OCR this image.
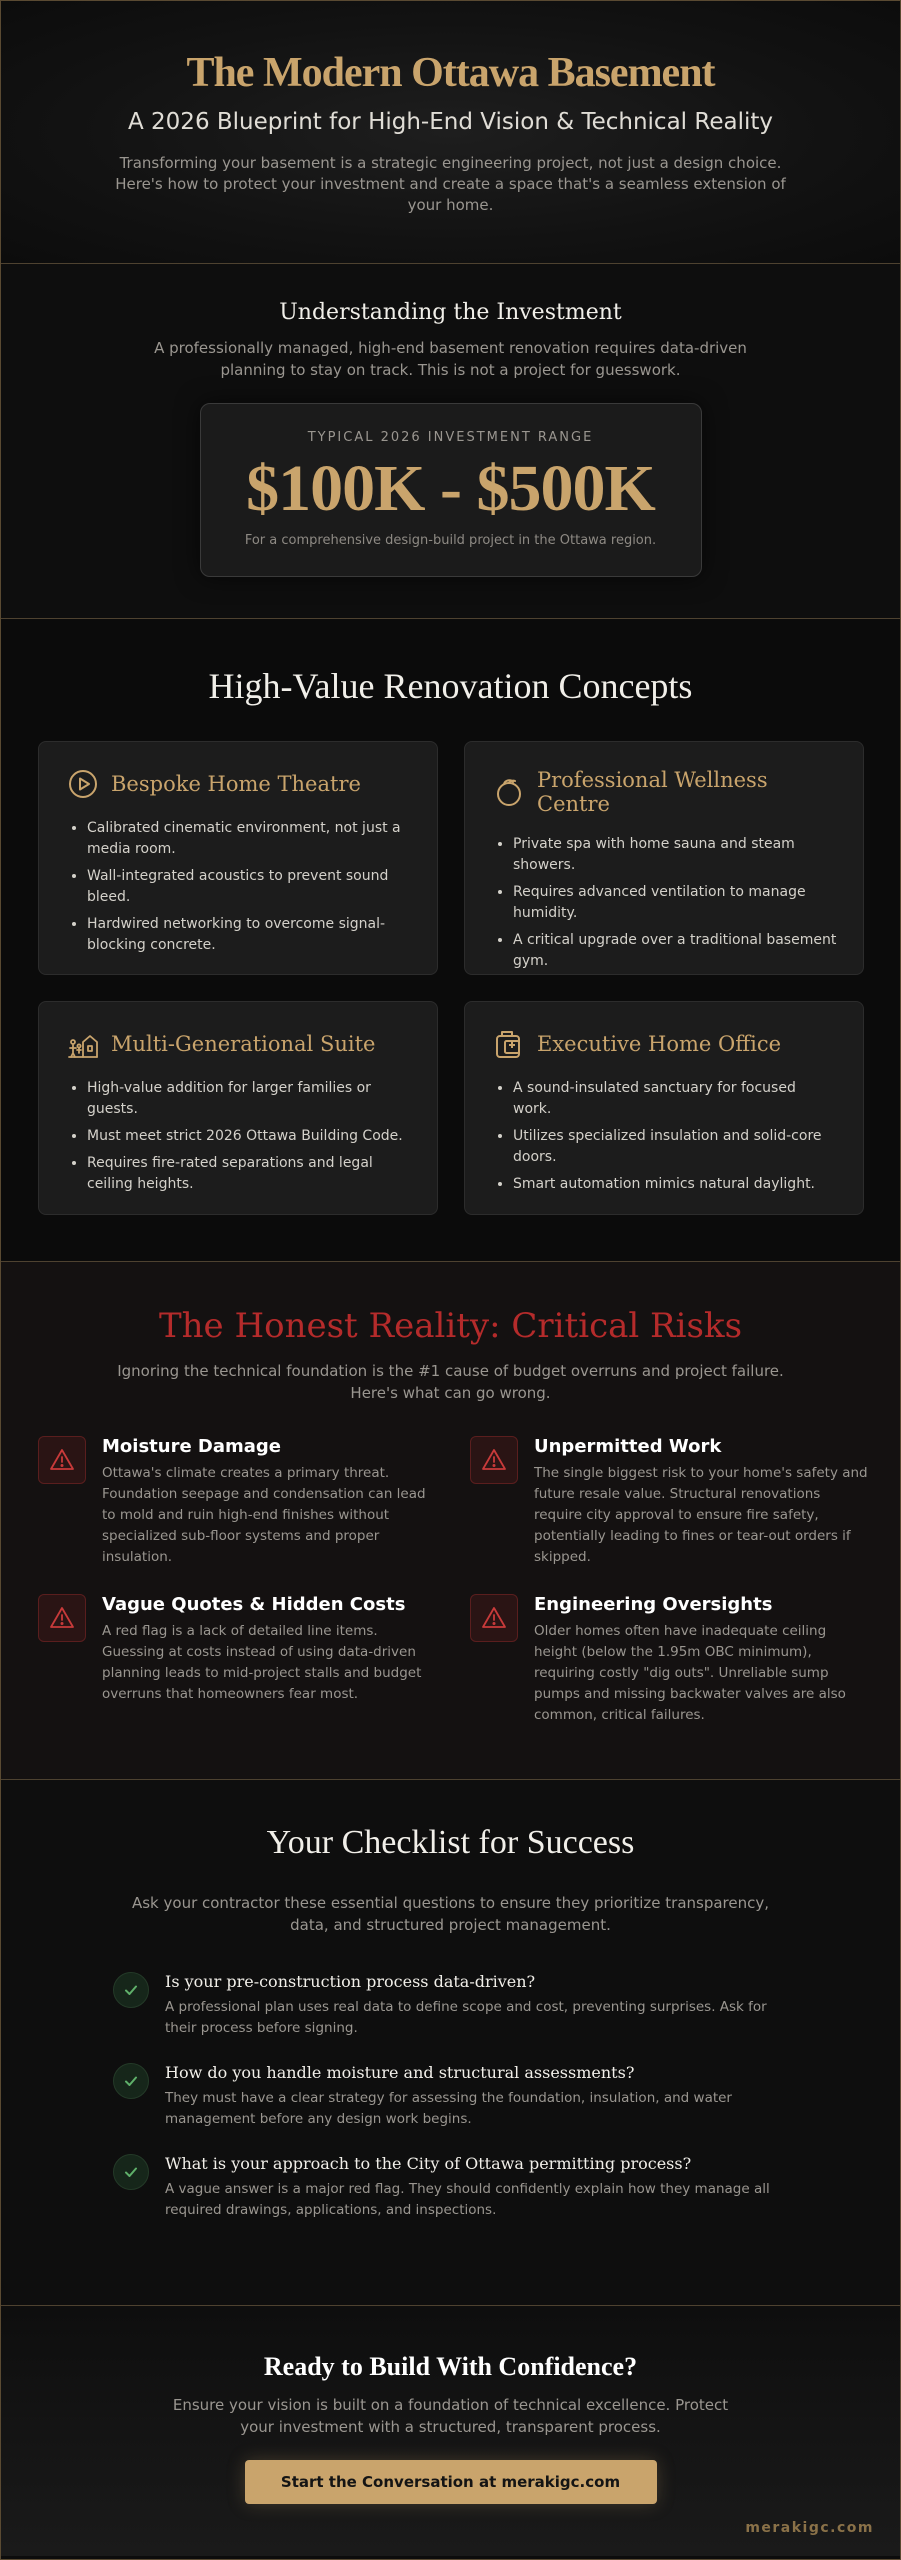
The Modern Ottawa Basement
A 2026 Blueprint for High-End Vision & Technical Reality

Transforming your basement is a strategic engineering project, not just a design choice. Here's how to protect your investment and create a space that's a seamless extension of your home.

Understanding the Investment

A professionally managed, high-end basement renovation requires data-driven planning to stay on track. This is not a project for guesswork.

TYPICAL 2026 INVESTMENT RANGE
$100K - $500K
For a comprehensive design-build project in the Ottawa region.
High-Value Renovation Concepts
Bespoke Home Theatre
• Calibrated cinematic environment, not just a media room.
• Wall-integrated acoustics to prevent sound bleed.
• Hardwired networking to overcome signal-blocking concrete.
Professional Wellness Centre
• Private spa with home sauna and steam showers.
• Requires advanced ventilation to manage humidity.
• A critical upgrade over a traditional basement gym.
Multi-Generational Suite
• High-value addition for larger families or guests.
• Must meet strict 2026 Ottawa Building Code.
• Requires fire-rated separations and legal ceiling heights.
Executive Home Office
• A sound-insulated sanctuary for focused work.
• Utilizes specialized insulation and solid-core doors.
• Smart automation mimics natural daylight.
The Honest Reality: Critical Risks

Ignoring the technical foundation is the #1 cause of budget overruns and project failure. Here's what can go wrong.

Moisture Damage

Ottawa's climate creates a primary threat. Foundation seepage and condensation can lead to mold and ruin high-end finishes without specialized sub-floor systems and proper insulation.

Unpermitted Work

The single biggest risk to your home's safety and future resale value. Structural renovations require city approval to ensure fire safety, potentially leading to fines or tear-out orders if skipped.

Vague Quotes & Hidden Costs

A red flag is a lack of detailed line items. Guessing at costs instead of using data-driven planning leads to mid-project stalls and budget overruns that homeowners fear most.

Engineering Oversights

Older homes often have inadequate ceiling height (below the 1.95m OBC minimum), requiring costly "dig outs". Unreliable sump pumps and missing backwater valves are also common, critical failures.

Your Checklist for Success

Ask your contractor these essential questions to ensure they prioritize transparency, data, and structured project management.

Is your pre-construction process data-driven?

A professional plan uses real data to define scope and cost, preventing surprises. Ask for their process before signing.

How do you handle moisture and structural assessments?

They must have a clear strategy for assessing the foundation, insulation, and water management before any design work begins.

What is your approach to the City of Ottawa permitting process?

A vague answer is a major red flag. They should confidently explain how they manage all required drawings, applications, and inspections.

Ready to Build With Confidence?

Ensure your vision is built on a foundation of technical excellence. Protect your investment with a structured, transparent process.

Start the Conversation at merakigc.com
merakigc.com
